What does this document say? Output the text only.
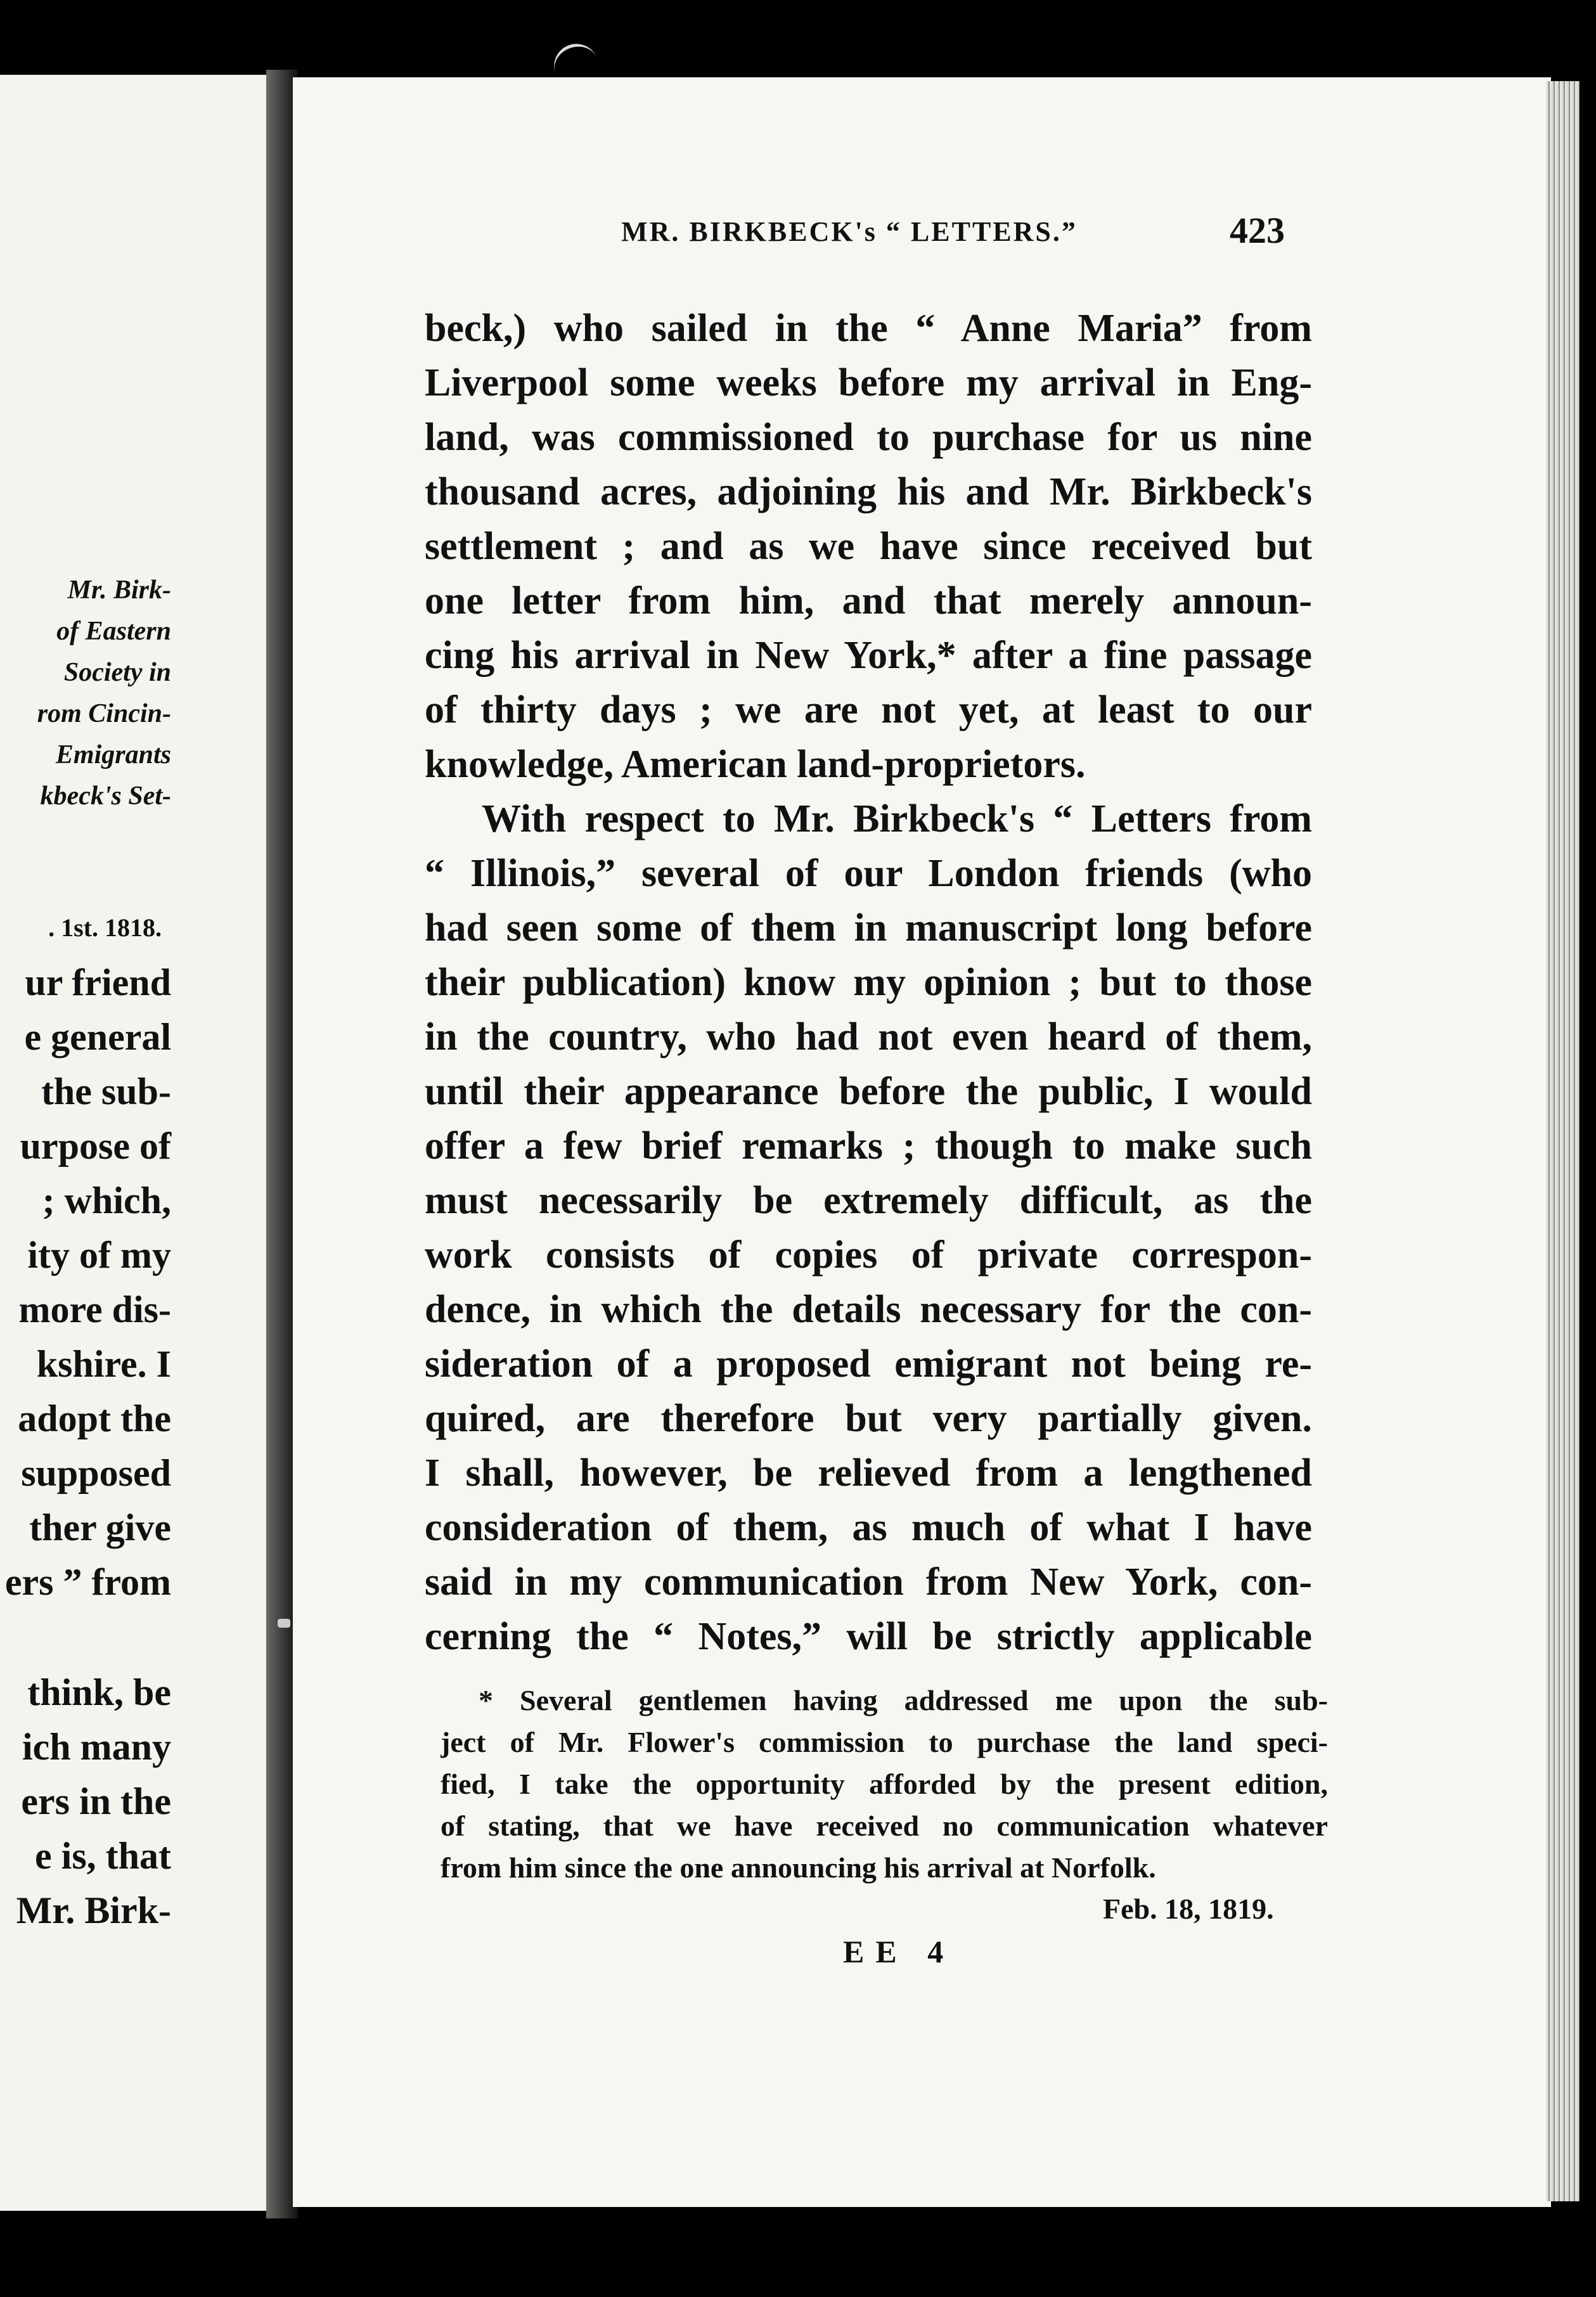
Mr. Birk-
of Eastern
Society in
rom Cincin-
Emigrants
kbeck's Set-
. 1st. 1818.
ur friend
e general
the sub-
urpose of
; which,
ity of my
more dis-
kshire. I
adopt the
supposed
ther give
ers ” from
think, be
ich many
ers in the
e is, that
Mr. Birk-
MR. BIRKBECK's “ LETTERS.”	423
beck,) who sailed in the “ Anne Maria” from
Liverpool some weeks before my arrival in Eng-
land, was commissioned to purchase for us nine
thousand acres, adjoining his and Mr. Birkbeck's
settlement ; and as we have since received but
one letter from him, and that merely announ-
cing his arrival in New York,* after a fine passage
of thirty days ; we are not yet, at least to our
knowledge, American land-proprietors.
With respect to Mr. Birkbeck's “ Letters from
“ Illinois,” several of our London friends (who
had seen some of them in manuscript long before
their publication) know my opinion ; but to those
in the country, who had not even heard of them,
until their appearance before the public, I would
offer a few brief remarks ; though to make such
must necessarily be extremely difficult, as the
work consists of copies of private correspon-
dence, in which the details necessary for the con-
sideration of a proposed emigrant not being re-
quired, are therefore but very partially given.
I shall, however, be relieved from a lengthened
consideration of them, as much of what I have
said in my communication from New York, con-
cerning the “ Notes,” will be strictly applicable
* Several gentlemen having addressed me upon the sub-
ject of Mr. Flower's commission to purchase the land speci-
fied, I take the opportunity afforded by the present edition,
of stating, that we have received no communication whatever
from him since the one announcing his arrival at Norfolk.
Feb. 18, 1819.
EE 4
